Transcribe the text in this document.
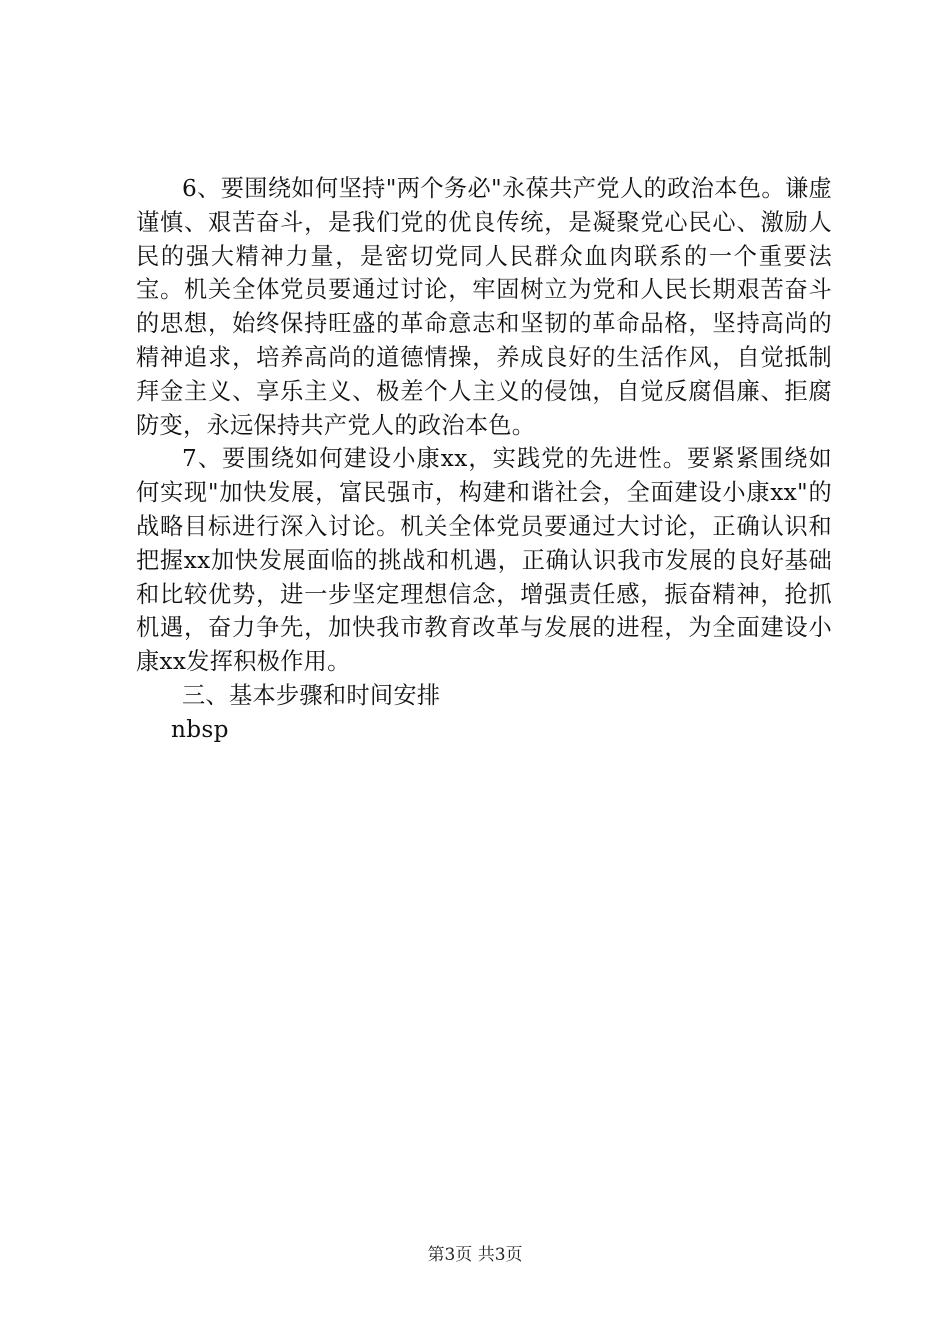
6、要围绕如何坚持"两个务必"永葆共产党人的政治本色。谦虚谨慎、艰苦奋斗，是我们党的优良传统，是凝聚党心民心、激励人民的强大精神力量，是密切党同人民群众血肉联系的一个重要法宝。机关全体党员要通过讨论，牢固树立为党和人民长期艰苦奋斗的思想，始终保持旺盛的革命意志和坚韧的革命品格，坚持高尚的精神追求，培养高尚的道德情操，养成良好的生活作风，自觉抵制拜金主义、享乐主义、极差个人主义的侵蚀，自觉反腐倡廉、拒腐防变，永远保持共产党人的政治本色。

7、要围绕如何建设小康xx，实践党的先进性。要紧紧围绕如何实现"加快发展，富民强市，构建和谐社会，全面建设小康xx"的战略目标进行深入讨论。机关全体党员要通过大讨论，正确认识和把握xx加快发展面临的挑战和机遇，正确认识我市发展的良好基础和比较优势，进一步坚定理想信念，增强责任感，振奋精神，抢抓机遇，奋力争先，加快我市教育改革与发展的进程，为全面建设小康xx发挥积极作用。

三、基本步骤和时间安排

nbsp

第3页 共3页
